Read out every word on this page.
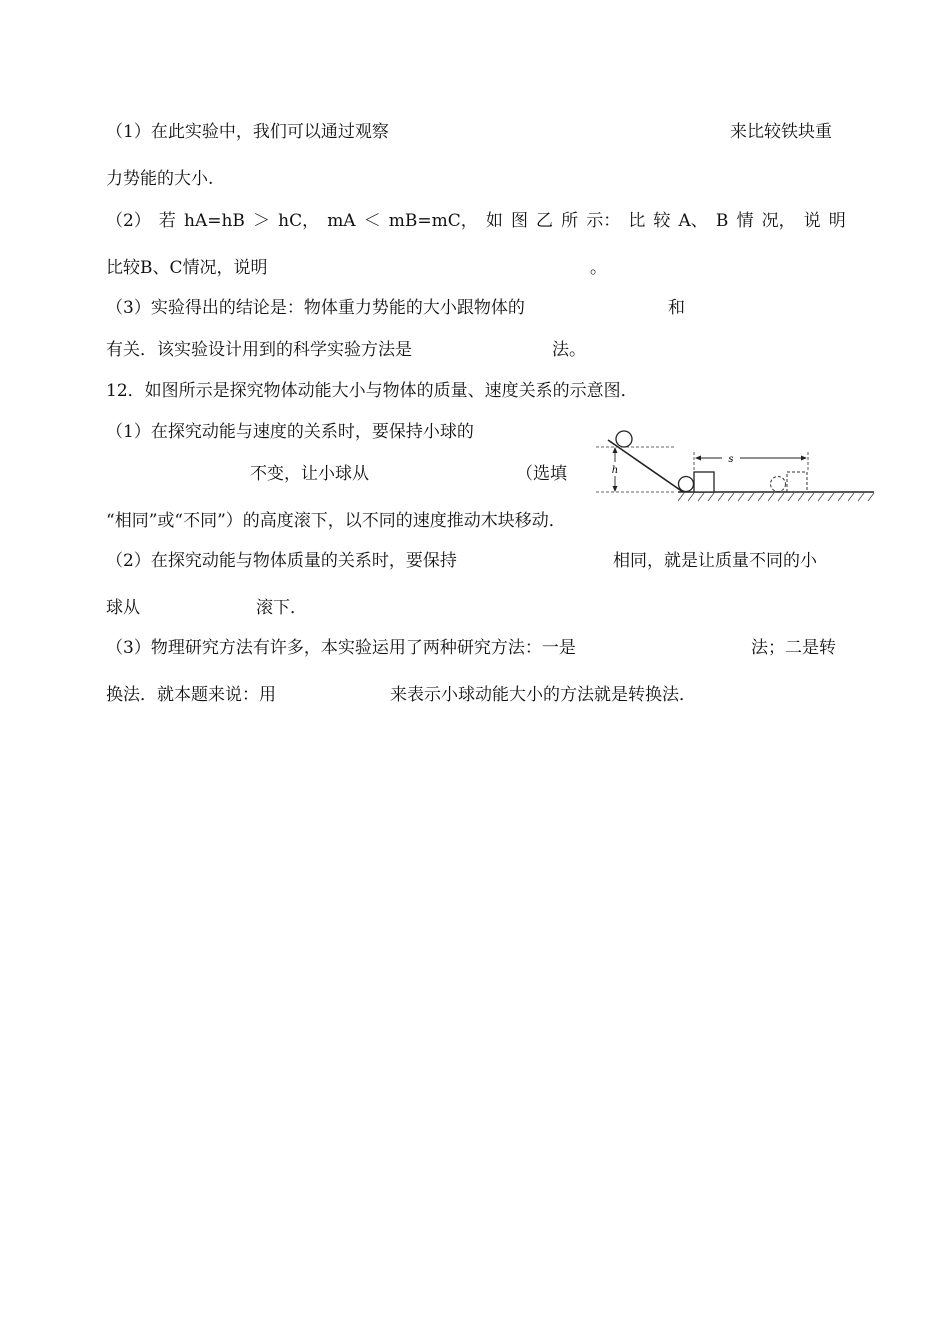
（1）在此实验中，我们可以通过观察	来比较铁块重
力势能的大小.
（2） 若 hA=hB ＞ hC， mA ＜ mB=mC， 如 图 乙 所 示： 比 较 A、 B 情 况， 说 明
比较B、C情况，说明	。
（3）实验得出的结论是：物体重力势能的大小跟物体的	和
有关．该实验设计用到的科学实验方法是	法。
12．如图所示是探究物体动能大小与物体的质量、速度关系的示意图．
（1）在探究动能与速度的关系时，要保持小球的
不变，让小球从	（选填
“相同”或“不同”）的高度滚下，以不同的速度推动木块移动．
（2）在探究动能与物体质量的关系时，要保持	相同，就是让质量不同的小
球从	滚下．
（3）物理研究方法有许多，本实验运用了两种研究方法：一是	法；二是转
换法．就本题来说：用	来表示小球动能大小的方法就是转换法．
h
s
